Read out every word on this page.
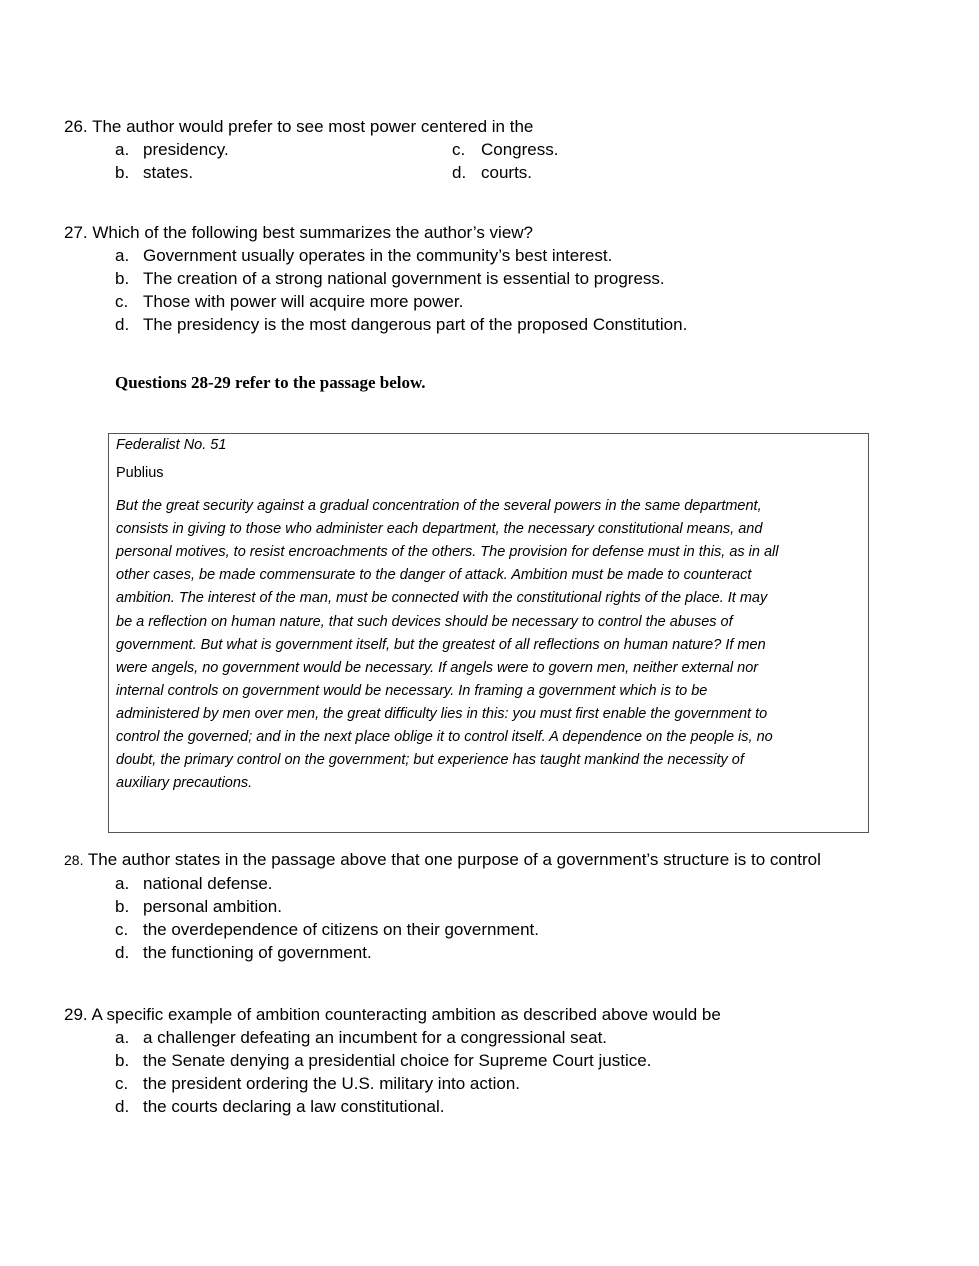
26. The author would prefer to see most power centered in the
a. presidency.	c. Congress.
b. states.	d. courts.
27. Which of the following best summarizes the author’s view?
a. Government usually operates in the community’s best interest.
b. The creation of a strong national government is essential to progress.
c. Those with power will acquire more power.
d. The presidency is the most dangerous part of the proposed Constitution.
Questions 28-29 refer to the passage below.
Federalist No. 51
Publius
But the great security against a gradual concentration of the several powers in the same department,
consists in giving to those who administer each department, the necessary constitutional means, and
personal motives, to resist encroachments of the others. The provision for defense must in this, as in all
other cases, be made commensurate to the danger of attack. Ambition must be made to counteract
ambition. The interest of the man, must be connected with the constitutional rights of the place. It may
be a reflection on human nature, that such devices should be necessary to control the abuses of
government. But what is government itself, but the greatest of all reflections on human nature? If men
were angels, no government would be necessary. If angels were to govern men, neither external nor
internal controls on government would be necessary. In framing a government which is to be
administered by men over men, the great difficulty lies in this: you must first enable the government to
control the governed; and in the next place oblige it to control itself. A dependence on the people is, no
doubt, the primary control on the government; but experience has taught mankind the necessity of
auxiliary precautions.
28. The author states in the passage above that one purpose of a government’s structure is to control
a. national defense.
b. personal ambition.
c. the overdependence of citizens on their government.
d. the functioning of government.
29. A specific example of ambition counteracting ambition as described above would be
a. a challenger defeating an incumbent for a congressional seat.
b. the Senate denying a presidential choice for Supreme Court justice.
c. the president ordering the U.S. military into action.
d. the courts declaring a law constitutional.
